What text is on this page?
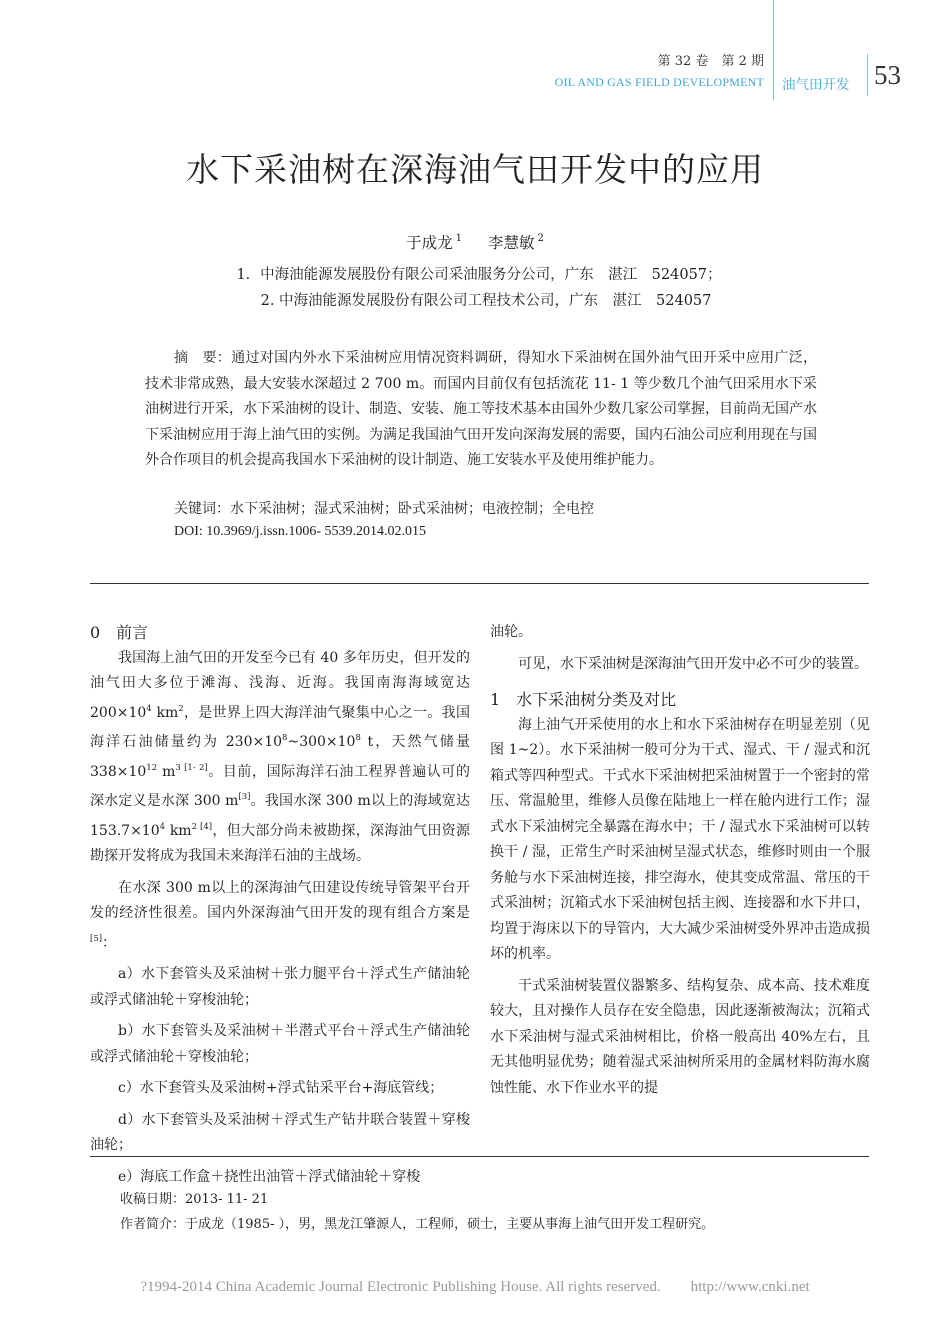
第 32 卷　第 2 期
OIL AND GAS FIELD DEVELOPMENT 油气田开发 53
水下采油树在深海油气田开发中的应用
于成龙 $^1$ 李慧敏 $^2$
1．中海油能源发展股份有限公司采油服务分公司，广东　湛江　524057；
2. 中海油能源发展股份有限公司工程技术公司，广东　湛江　524057
摘　要：通过对国内外水下采油树应用情况资料调研，得知水下采油树在国外油气田开采中应用广泛，技术非常成熟，最大安装水深超过 2 700 m。而国内目前仅有包括流花 11- 1 等少数几个油气田采用水下采油树进行开采，水下采油树的设计、制造、安装、施工等技术基本由国外少数几家公司掌握，目前尚无国产水下采油树应用于海上油气田的实例。为满足我国油气田开发向深海发展的需要，国内石油公司应利用现在与国外合作项目的机会提高我国水下采油树的设计制造、施工安装水平及使用维护能力。
关键词：水下采油树；湿式采油树；卧式采油树；电液控制；全电控
DOI: 10.3969/j.issn.1006- 5539.2014.02.015
0　前言

我国海上油气田的开发至今已有 40 多年历史，但开发的油气田大多位于滩海、浅海、近海。我国南海海域宽达 $200\times 10^4$ $km^2$，是世界上四大海洋油气聚集中心之一。我国海洋石油储量约为 $230\times 10^8\sim 300\times 10^8$ t，天然气储量 $338\times 10^{12}$ $m^{3 [1- 2]}$。目前，国际海洋石油工程界普遍认可的深水定义是水深 300 m[3]。我国水深 300 m以上的海域宽达 $153.7\times 10^4$ $km^{2 [4]}$，但大部分尚未被勘探，深海油气田资源勘探开发将成为我国未来海洋石油的主战场。

在水深 300 m以上的深海油气田建设传统导管架平台开发的经济性很差。国内外深海油气田开发的现有组合方案是[5]：

a）水下套管头及采油树＋张力腿平台＋浮式生产储油轮或浮式储油轮＋穿梭油轮；

b）水下套管头及采油树＋半潜式平台＋浮式生产储油轮或浮式储油轮＋穿梭油轮；

c）水下套管头及采油树+浮式钻采平台+海底管线；

d）水下套管头及采油树＋浮式生产钻井联合装置＋穿梭油轮；

e）海底工作盒＋挠性出油管＋浮式储油轮＋穿梭

油轮。

可见，水下采油树是深海油气田开发中必不可少的装置。

1　水下采油树分类及对比

海上油气开采使用的水上和水下采油树存在明显差别（见图 1~2）。水下采油树一般可分为干式、湿式、干 / 湿式和沉箱式等四种型式。干式水下采油树把采油树置于一个密封的常压、常温舱里，维修人员像在陆地上一样在舱内进行工作；湿式水下采油树完全暴露在海水中；干 / 湿式水下采油树可以转换干 / 湿，正常生产时采油树呈湿式状态，维修时则由一个服务舱与水下采油树连接，排空海水，使其变成常温、常压的干式采油树；沉箱式水下采油树包括主阀、连接器和水下井口，均置于海床以下的导管内，大大减少采油树受外界冲击造成损坏的机率。

干式采油树装置仪器繁多、结构复杂、成本高、技术难度较大，且对操作人员存在安全隐患，因此逐渐被淘汰；沉箱式水下采油树与湿式采油树相比，价格一般高出 40%左右，且无其他明显优势；随着湿式采油树所采用的金属材料防海水腐蚀性能、水下作业水平的提

收稿日期：2013- 11- 21
作者简介：于成龙（1985- ），男，黑龙江肇源人，工程师，硕士，主要从事海上油气田开发工程研究。
?1994-2014 China Academic Journal Electronic Publishing House. All rights reserved.　　http://www.cnki.net
